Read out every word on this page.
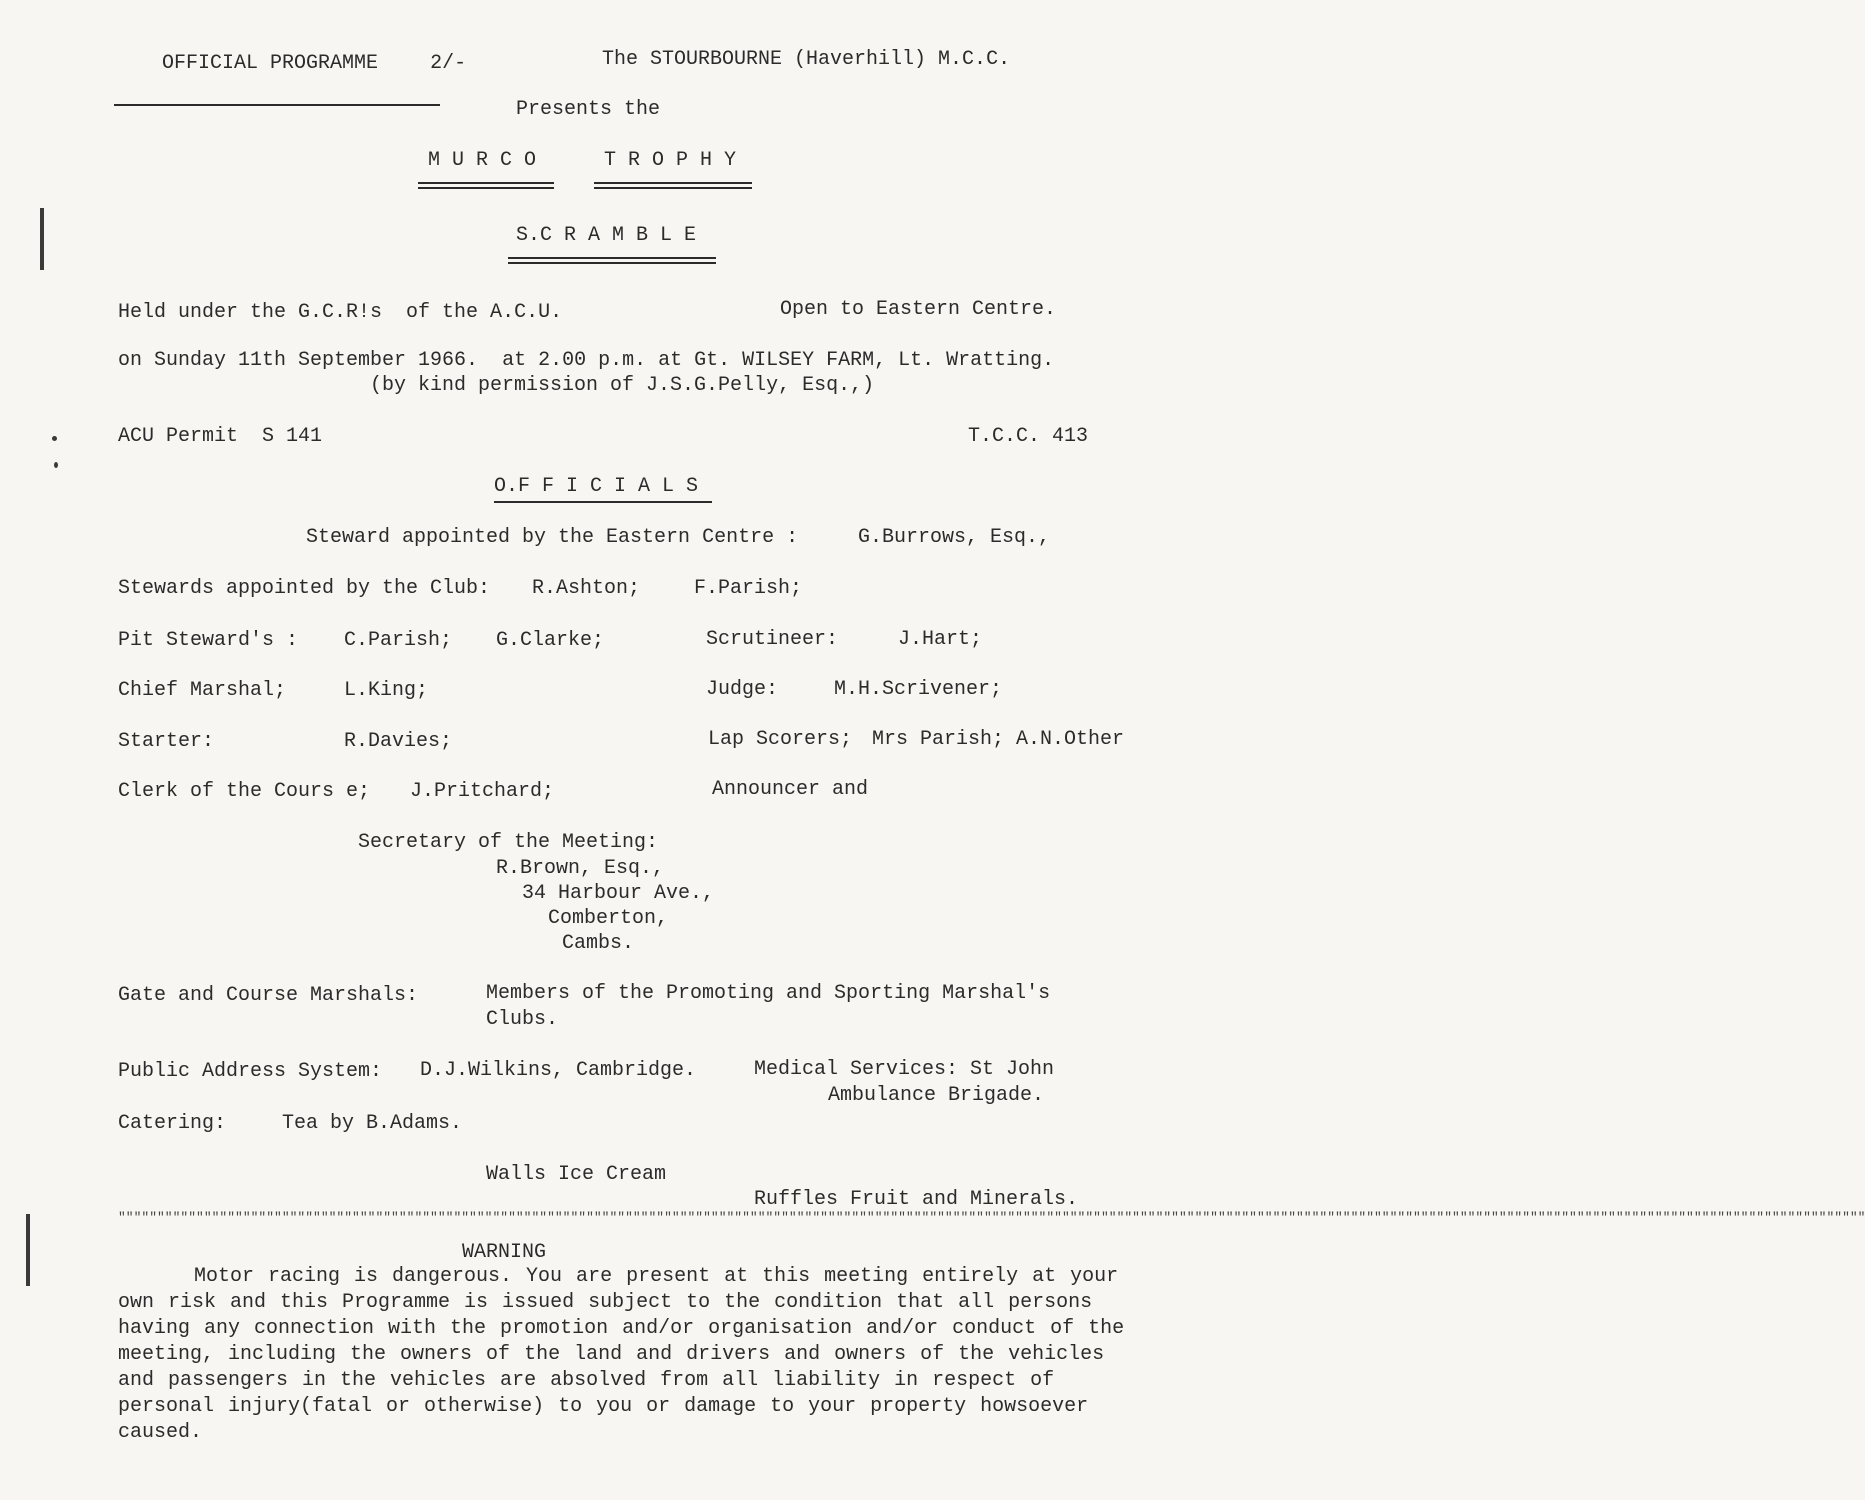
OFFICIAL PROGRAMME	2/-
	The STOURBOURNE (Haverhill) M.C.C.
Presents the
M U R C O	T R O P H Y
S.C R A M B L E
Held under the G.C.R!s  of the A.C.U.	Open to Eastern Centre.
on Sunday 11th September 1966.  at 2.00 p.m. at Gt. WILSEY FARM, Lt. Wratting.
(by kind permission of J.S.G.Pelly, Esq.,)
ACU Permit  S 141	T.C.C. 413
O.F F I C I A L S
Steward appointed by the Eastern Centre :	G.Burrows, Esq.,
Stewards appointed by the Club: R.Ashton;	F.Parish;
Pit Steward's : C.Parish; G.Clarke;	Scrutineer:	J.Hart;
Chief Marshal;	L.King;	Judge:	M.H.Scrivener;
Starter:	R.Davies;	Lap Scorers; Mrs Parish; A.N.Other
Clerk of the Cours e; J.Pritchard;	Announcer and
Secretary of the Meeting:
R.Brown, Esq.,
34 Harbour Ave.,
Comberton,
Cambs.
Gate and Course Marshals:	Members of the Promoting and Sporting Marshal's
Clubs.
Public Address System: D.J.Wilkins, Cambridge.	Medical Services: St John
Ambulance Brigade.
Catering:	Tea by B.Adams.
Walls Ice Cream
Ruffles Fruit and Minerals.
""""""""""""""""""""""""""""""""""""""""""""""""""""""""""""""""""""""""""""""""""""""""""""""""""""""""""""""""""""""""""""""""""""""""""""""""""""""""""""""""""""""""""""""""""""""""""""""""""""""""""""""""""""""""""""""""
WARNING

Motor racing is dangerous. You are present at this meeting entirely at your own risk and this Programme is issued subject to the condition that all persons having any connection with the promotion and/or organisation and/or conduct of the meeting, including the owners of the land and drivers and owners of the vehicles and passengers in the vehicles are absolved from all liability in respect of personal injury(fatal or otherwise) to you or damage to your property howsoever caused.
